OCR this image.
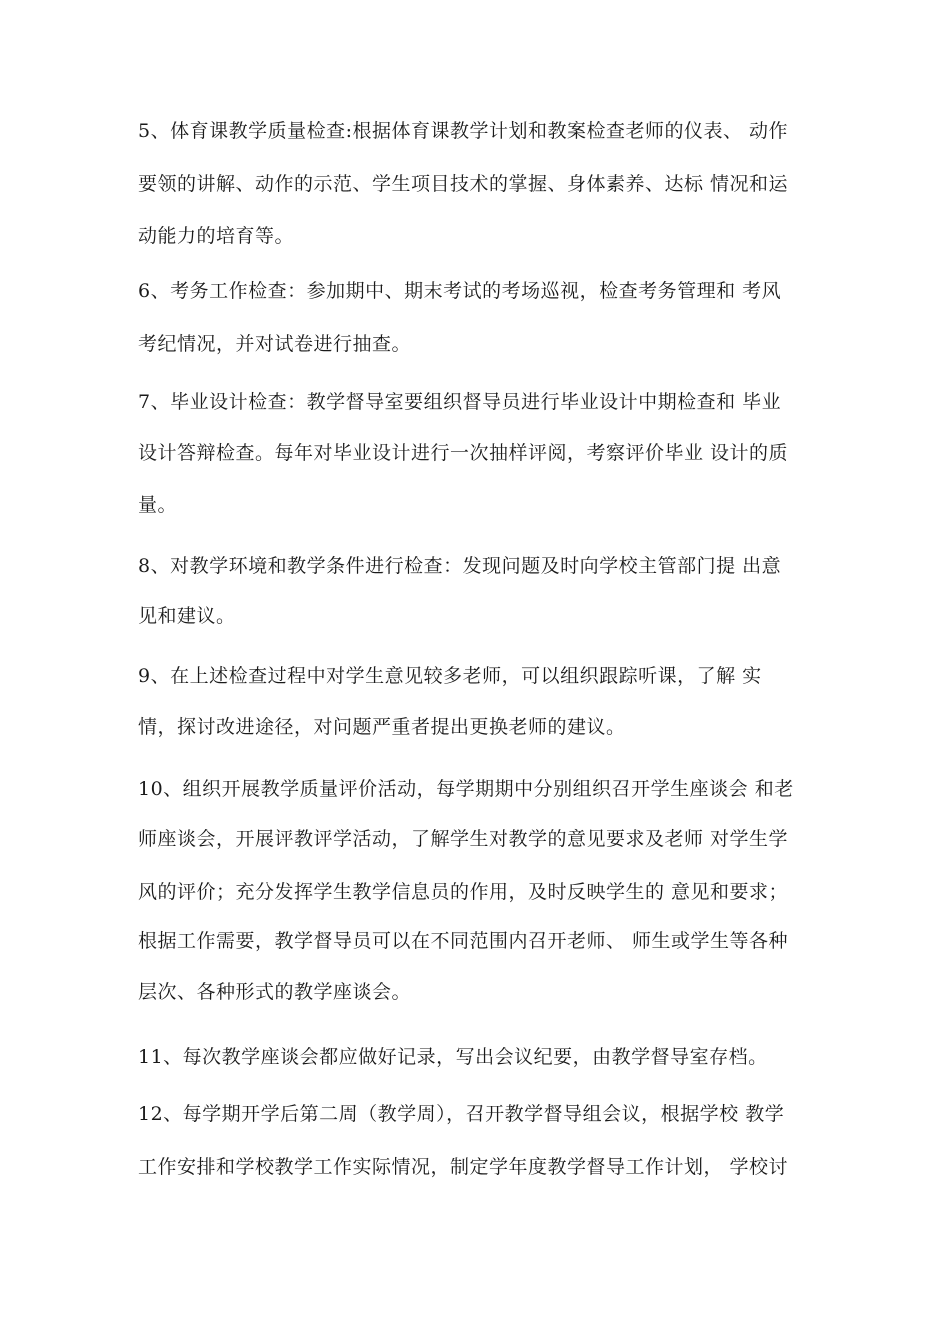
5、体育课教学质量检查:根据体育课教学计划和教案检查老师的仪表、 动作
要领的讲解、动作的示范、学生项目技术的掌握、身体素养、达标 情况和运
动能力的培育等。
6、考务工作检查：参加期中、期末考试的考场巡视，检查考务管理和 考风
考纪情况，并对试卷进行抽查。
7、毕业设计检查：教学督导室要组织督导员进行毕业设计中期检查和 毕业
设计答辩检查。每年对毕业设计进行一次抽样评阅，考察评价毕业 设计的质
量。
8、对教学环境和教学条件进行检查：发现问题及时向学校主管部门提 出意
见和建议。
9、在上述检查过程中对学生意见较多老师，可以组织跟踪听课，了解 实
情，探讨改进途径，对问题严重者提出更换老师的建议。
10、组织开展教学质量评价活动，每学期期中分别组织召开学生座谈会 和老
师座谈会，开展评教评学活动，了解学生对教学的意见要求及老师 对学生学
风的评价；充分发挥学生教学信息员的作用，及时反映学生的 意见和要求；
根据工作需要，教学督导员可以在不同范围内召开老师、 师生或学生等各种
层次、各种形式的教学座谈会。
11、每次教学座谈会都应做好记录，写出会议纪要，由教学督导室存档。
12、每学期开学后第二周（教学周），召开教学督导组会议，根据学校 教学
工作安排和学校教学工作实际情况，制定学年度教学督导工作计划， 学校讨
